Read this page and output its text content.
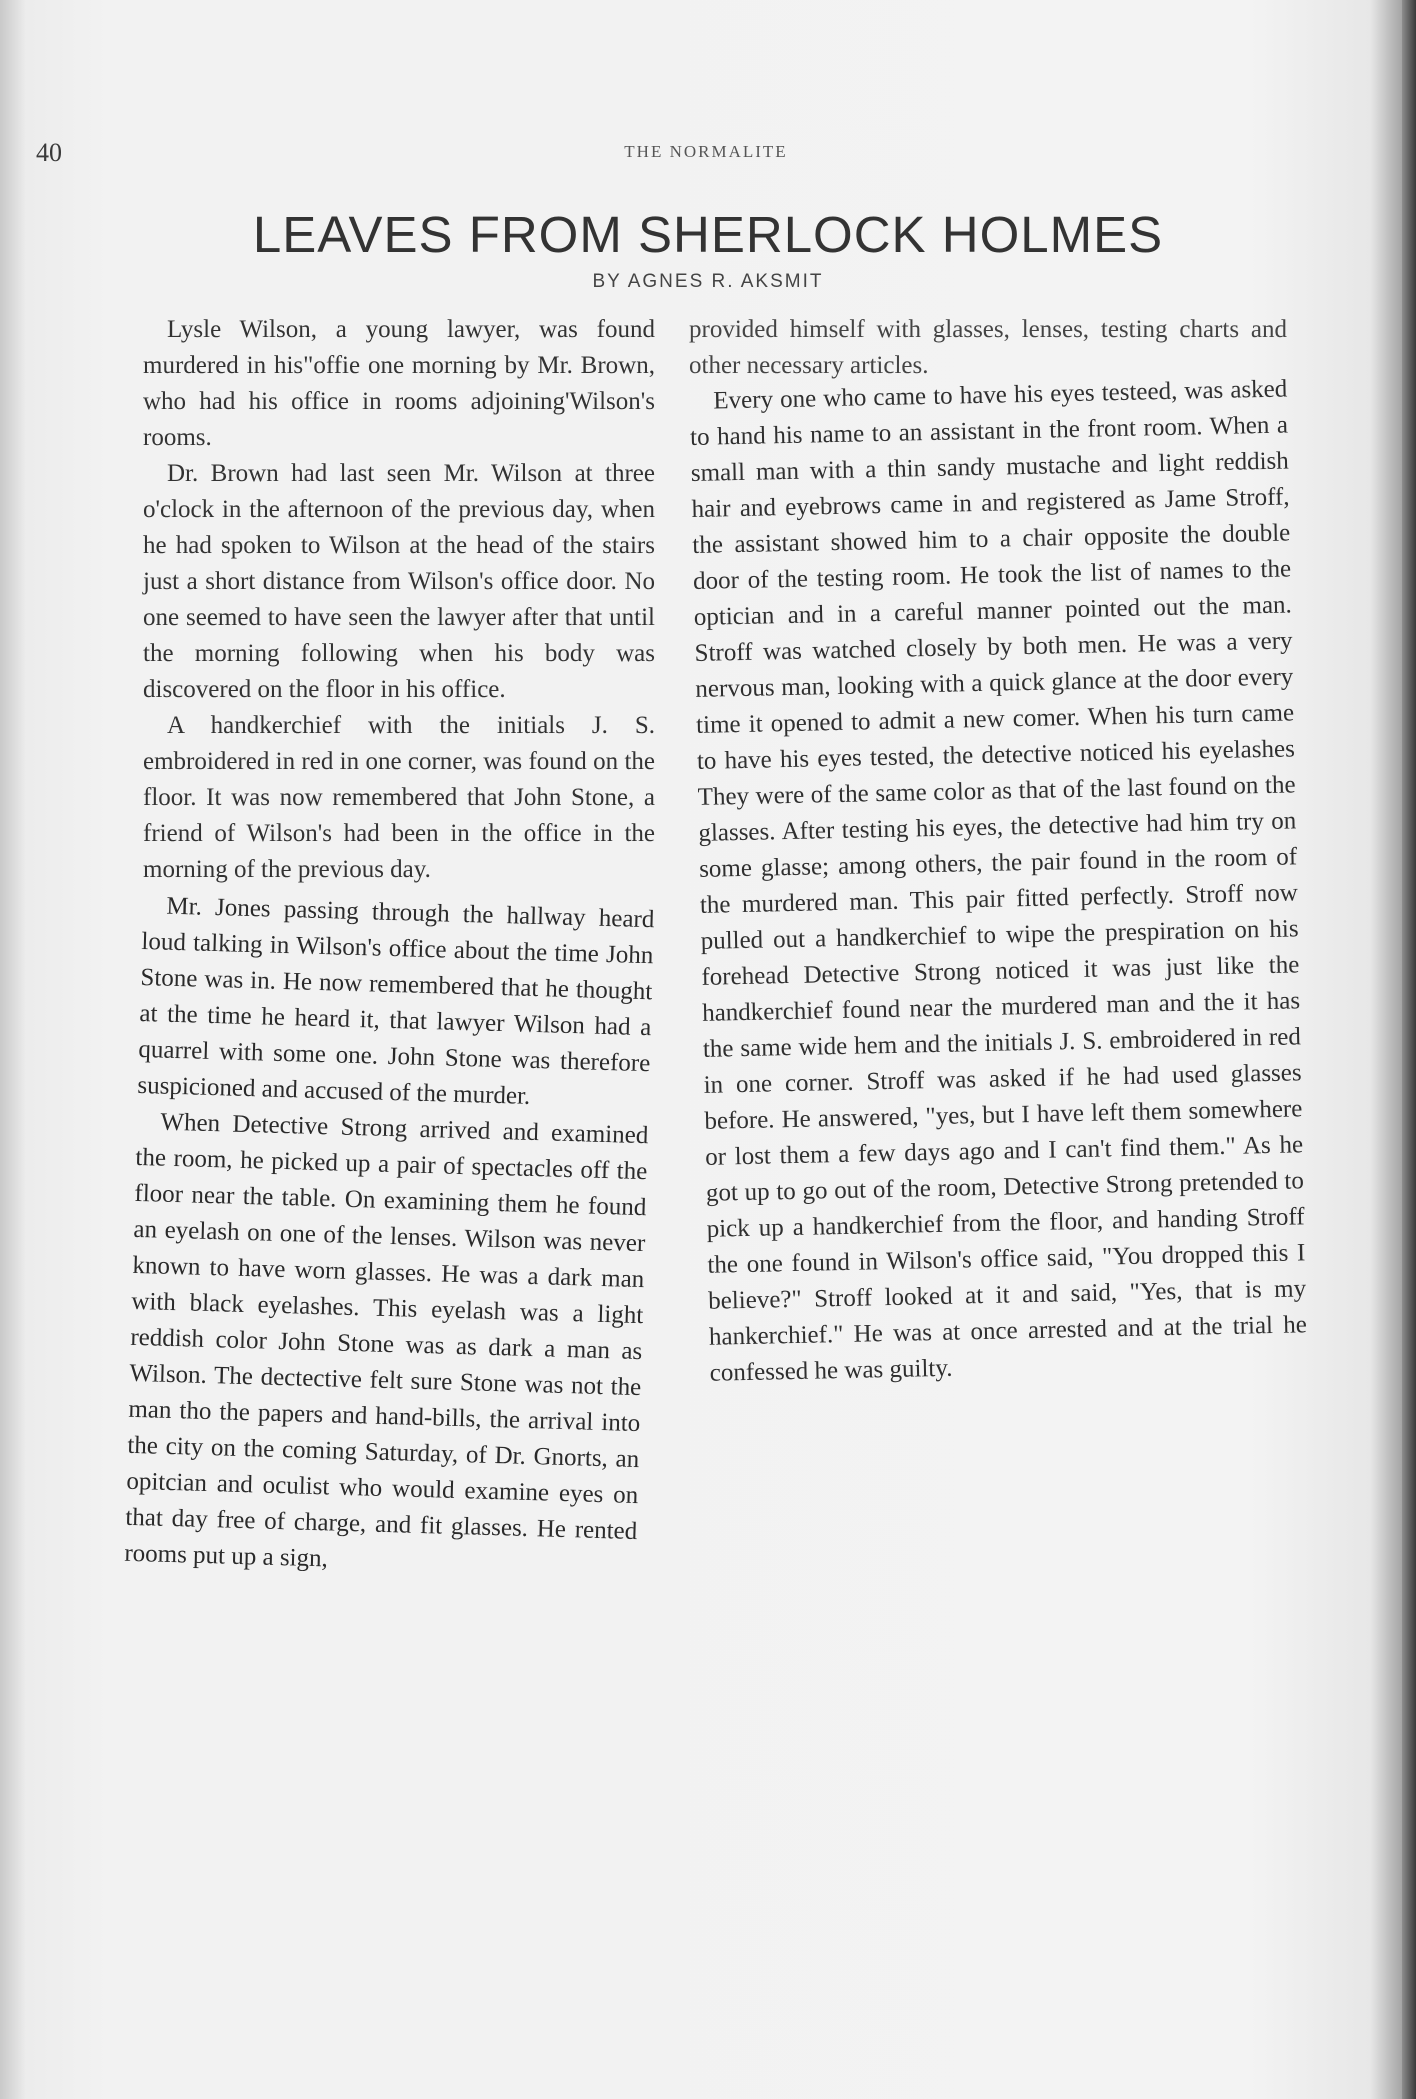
40	THE NORMALITE
LEAVES FROM SHERLOCK HOLMES
BY AGNES R. AKSMIT

Lysle Wilson, a young lawyer, was found murdered in his"offie one morning by Mr. Brown, who had his office in rooms adjoining'Wilson's rooms.

Dr. Brown had last seen Mr. Wilson at three o'clock in the afternoon of the previous day, when he had spoken to Wilson at the head of the stairs just a short distance from Wilson's office door. No one seemed to have seen the lawyer after that until the morning following when his body was discovered on the floor in his office.

A handkerchief with the initials J. S. embroidered in red in one corner, was found on the floor. It was now remembered that John Stone, a friend of Wilson's had been in the office in the morning of the previous day.

Mr. Jones passing through the hallway heard loud talking in Wilson's office about the time John Stone was in. He now remembered that he thought at the time he heard it, that lawyer Wilson had a quarrel with some one. John Stone was therefore suspicioned and accused of the murder.

When Detective Strong arrived and examined the room, he picked up a pair of spectacles off the floor near the table. On examining them he found an eyelash on one of the lenses. Wilson was never known to have worn glasses. He was a dark man with black eyelashes. This eyelash was a light reddish color John Stone was as dark a man as Wilson. The dectective felt sure Stone was not the man tho the papers and hand-bills, the arrival into the city on the coming Saturday, of Dr. Gnorts, an opitcian and oculist who would examine eyes on that day free of charge, and fit glasses. He rented rooms put up a sign,

provided himself with glasses, lenses, testing charts and other necessary articles.

Every one who came to have his eyes testeed, was asked to hand his name to an assistant in the front room. When a small man with a thin sandy mustache and light reddish hair and eyebrows came in and registered as Jame Stroff, the assistant showed him to a chair opposite the double door of the testing room. He took the list of names to the optician and in a careful manner pointed out the man. Stroff was watched closely by both men. He was a very nervous man, looking with a quick glance at the door every time it opened to admit a new comer. When his turn came to have his eyes tested, the detective noticed his eyelashes They were of the same color as that of the last found on the glasses. After testing his eyes, the detective had him try on some glasse; among others, the pair found in the room of the murdered man. This pair fitted perfectly. Stroff now pulled out a handkerchief to wipe the prespiration on his forehead Detective Strong noticed it was just like the handkerchief found near the murdered man and the it has the same wide hem and the initials J. S. embroidered in red in one corner. Stroff was asked if he had used glasses before. He answered, "yes, but I have left them somewhere or lost them a few days ago and I can't find them." As he got up to go out of the room, Detective Strong pretended to pick up a handkerchief from the floor, and handing Stroff the one found in Wilson's office said, "You dropped this I believe?" Stroff looked at it and said, "Yes, that is my hankerchief." He was at once arrested and at the trial he confessed he was guilty.
